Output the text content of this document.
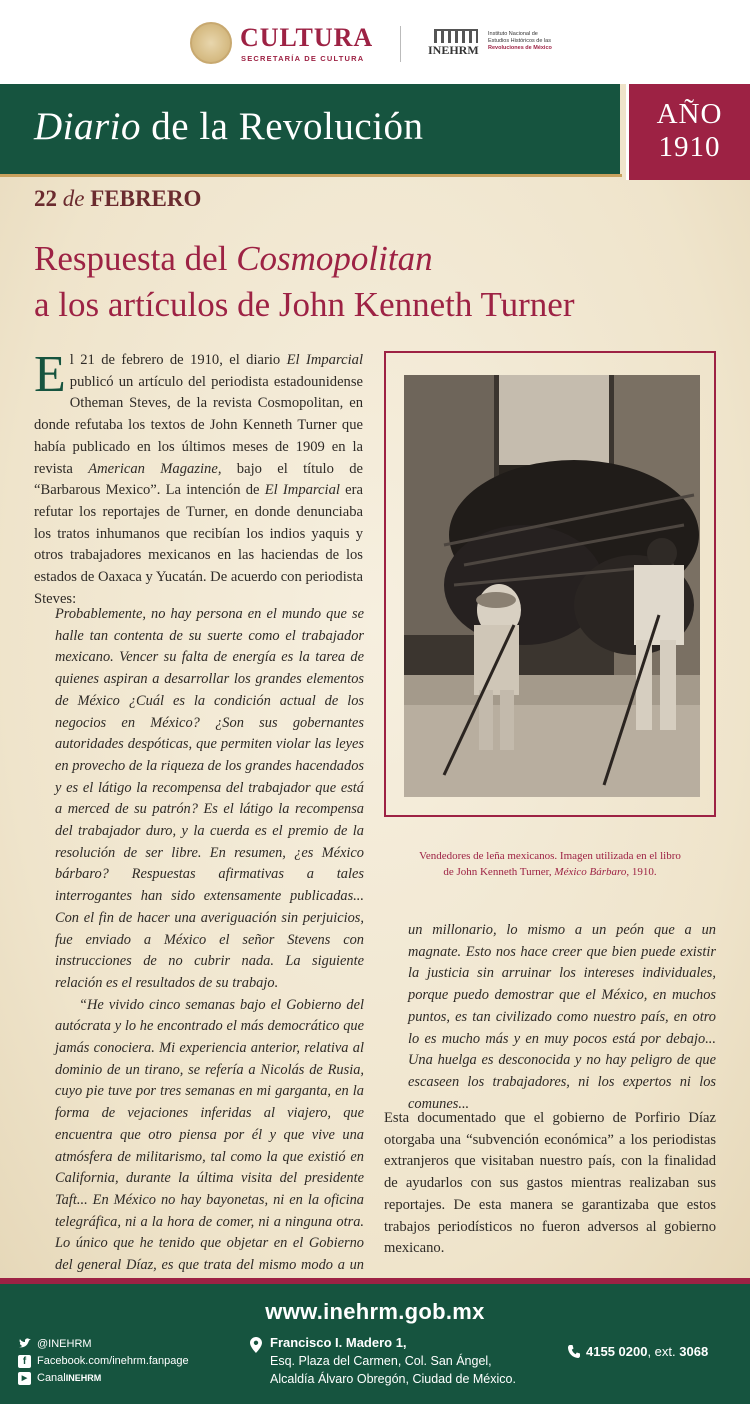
CULTURA
SECRETARÍA DE CULTURA
INEHRM
Instituto Nacional de
Estudios Históricos de las
Revoluciones de México
Diario de la Revolución	AÑO
1910
22 de FEBRERO
Respuesta del Cosmopolitan
a los artículos de John Kenneth Turner
El 21 de febrero de 1910, el diario El Imparcial publicó un artículo del periodista estadounidense Otheman Steves, de la revista Cosmopolitan, en donde refutaba los textos de John Kenneth Turner que había publicado en los últimos meses de 1909 en la revista American Magazine, bajo el título de “Barbarous Mexico”. La intención de El Imparcial era refutar los reportajes de Turner, en donde denunciaba los tratos inhumanos que recibían los indios yaquis y otros trabajadores mexicanos en las haciendas de los estados de Oaxaca y Yucatán. De acuerdo con periodista Steves:

Probablemente, no hay persona en el mundo que se halle tan contenta de su suerte como el trabajador mexicano. Vencer su falta de energía es la tarea de quienes aspiran a desarrollar los grandes elementos de México ¿Cuál es la condición actual de los negocios en México? ¿Son sus gobernantes autoridades despóticas, que permiten violar las leyes en provecho de la riqueza de los grandes hacendados y es el látigo la recompensa del trabajador que está a merced de su patrón? Es el látigo la recompensa del trabajador duro, y la cuerda es el premio de la resolución de ser libre. En resumen, ¿es México bárbaro? Respuestas afirmativas a tales interrogantes han sido extensamente publicadas... Con el fin de hacer una averiguación sin perjuicios, fue enviado a México el señor Stevens con instrucciones de no cubrir nada. La siguiente relación es el resultados de su trabajo.

“He vivido cinco semanas bajo el Gobierno del autócrata y lo he encontrado el más democrático que jamás conociera. Mi experiencia anterior, relativa al dominio de un tirano, se refería a Nicolás de Rusia, cuyo pie tuve por tres semanas en mi garganta, en la forma de vejaciones inferidas al viajero, que encuentra que otro piensa por él y que vive una atmósfera de militarismo, tal como la que existió en California, durante la última visita del presidente Taft... En México no hay bayonetas, ni en la oficina telegráfica, ni a la hora de comer, ni a ninguna otra. Lo único que he tenido que objetar en el Gobierno del general Díaz, es que trata del mismo modo a un

Vendedores de leña mexicanos. Imagen utilizada en el libro
de John Kenneth Turner, México Bárbaro, 1910.

un millonario, lo mismo a un peón que a un magnate. Esto nos hace creer que bien puede existir la justicia sin arruinar los intereses individuales, porque puedo demostrar que el México, en muchos puntos, es tan civilizado como nuestro país, en otro lo es mucho más y en muy pocos está por debajo... Una huelga es desconocida y no hay peligro de que escaseen los trabajadores, ni los expertos ni los comunes...

Esta documentado que el gobierno de Porfirio Díaz otorgaba una “subvención económica” a los periodistas extranjeros que visitaban nuestro país, con la finalidad de ayudarlos con sus gastos mientras realizaban sus reportajes. De esta manera se garantizaba que estos trabajos periodísticos no fueron adversos al gobierno mexicano.
www.inehrm.gob.mx
@INEHRM
f Facebook.com/inehrm.fanpage
▶ Canal INEHRM
Francisco I. Madero 1,
Esq. Plaza del Carmen, Col. San Ángel,
Alcaldía Álvaro Obregón, Ciudad de México.
4155 0200, ext. 3068
